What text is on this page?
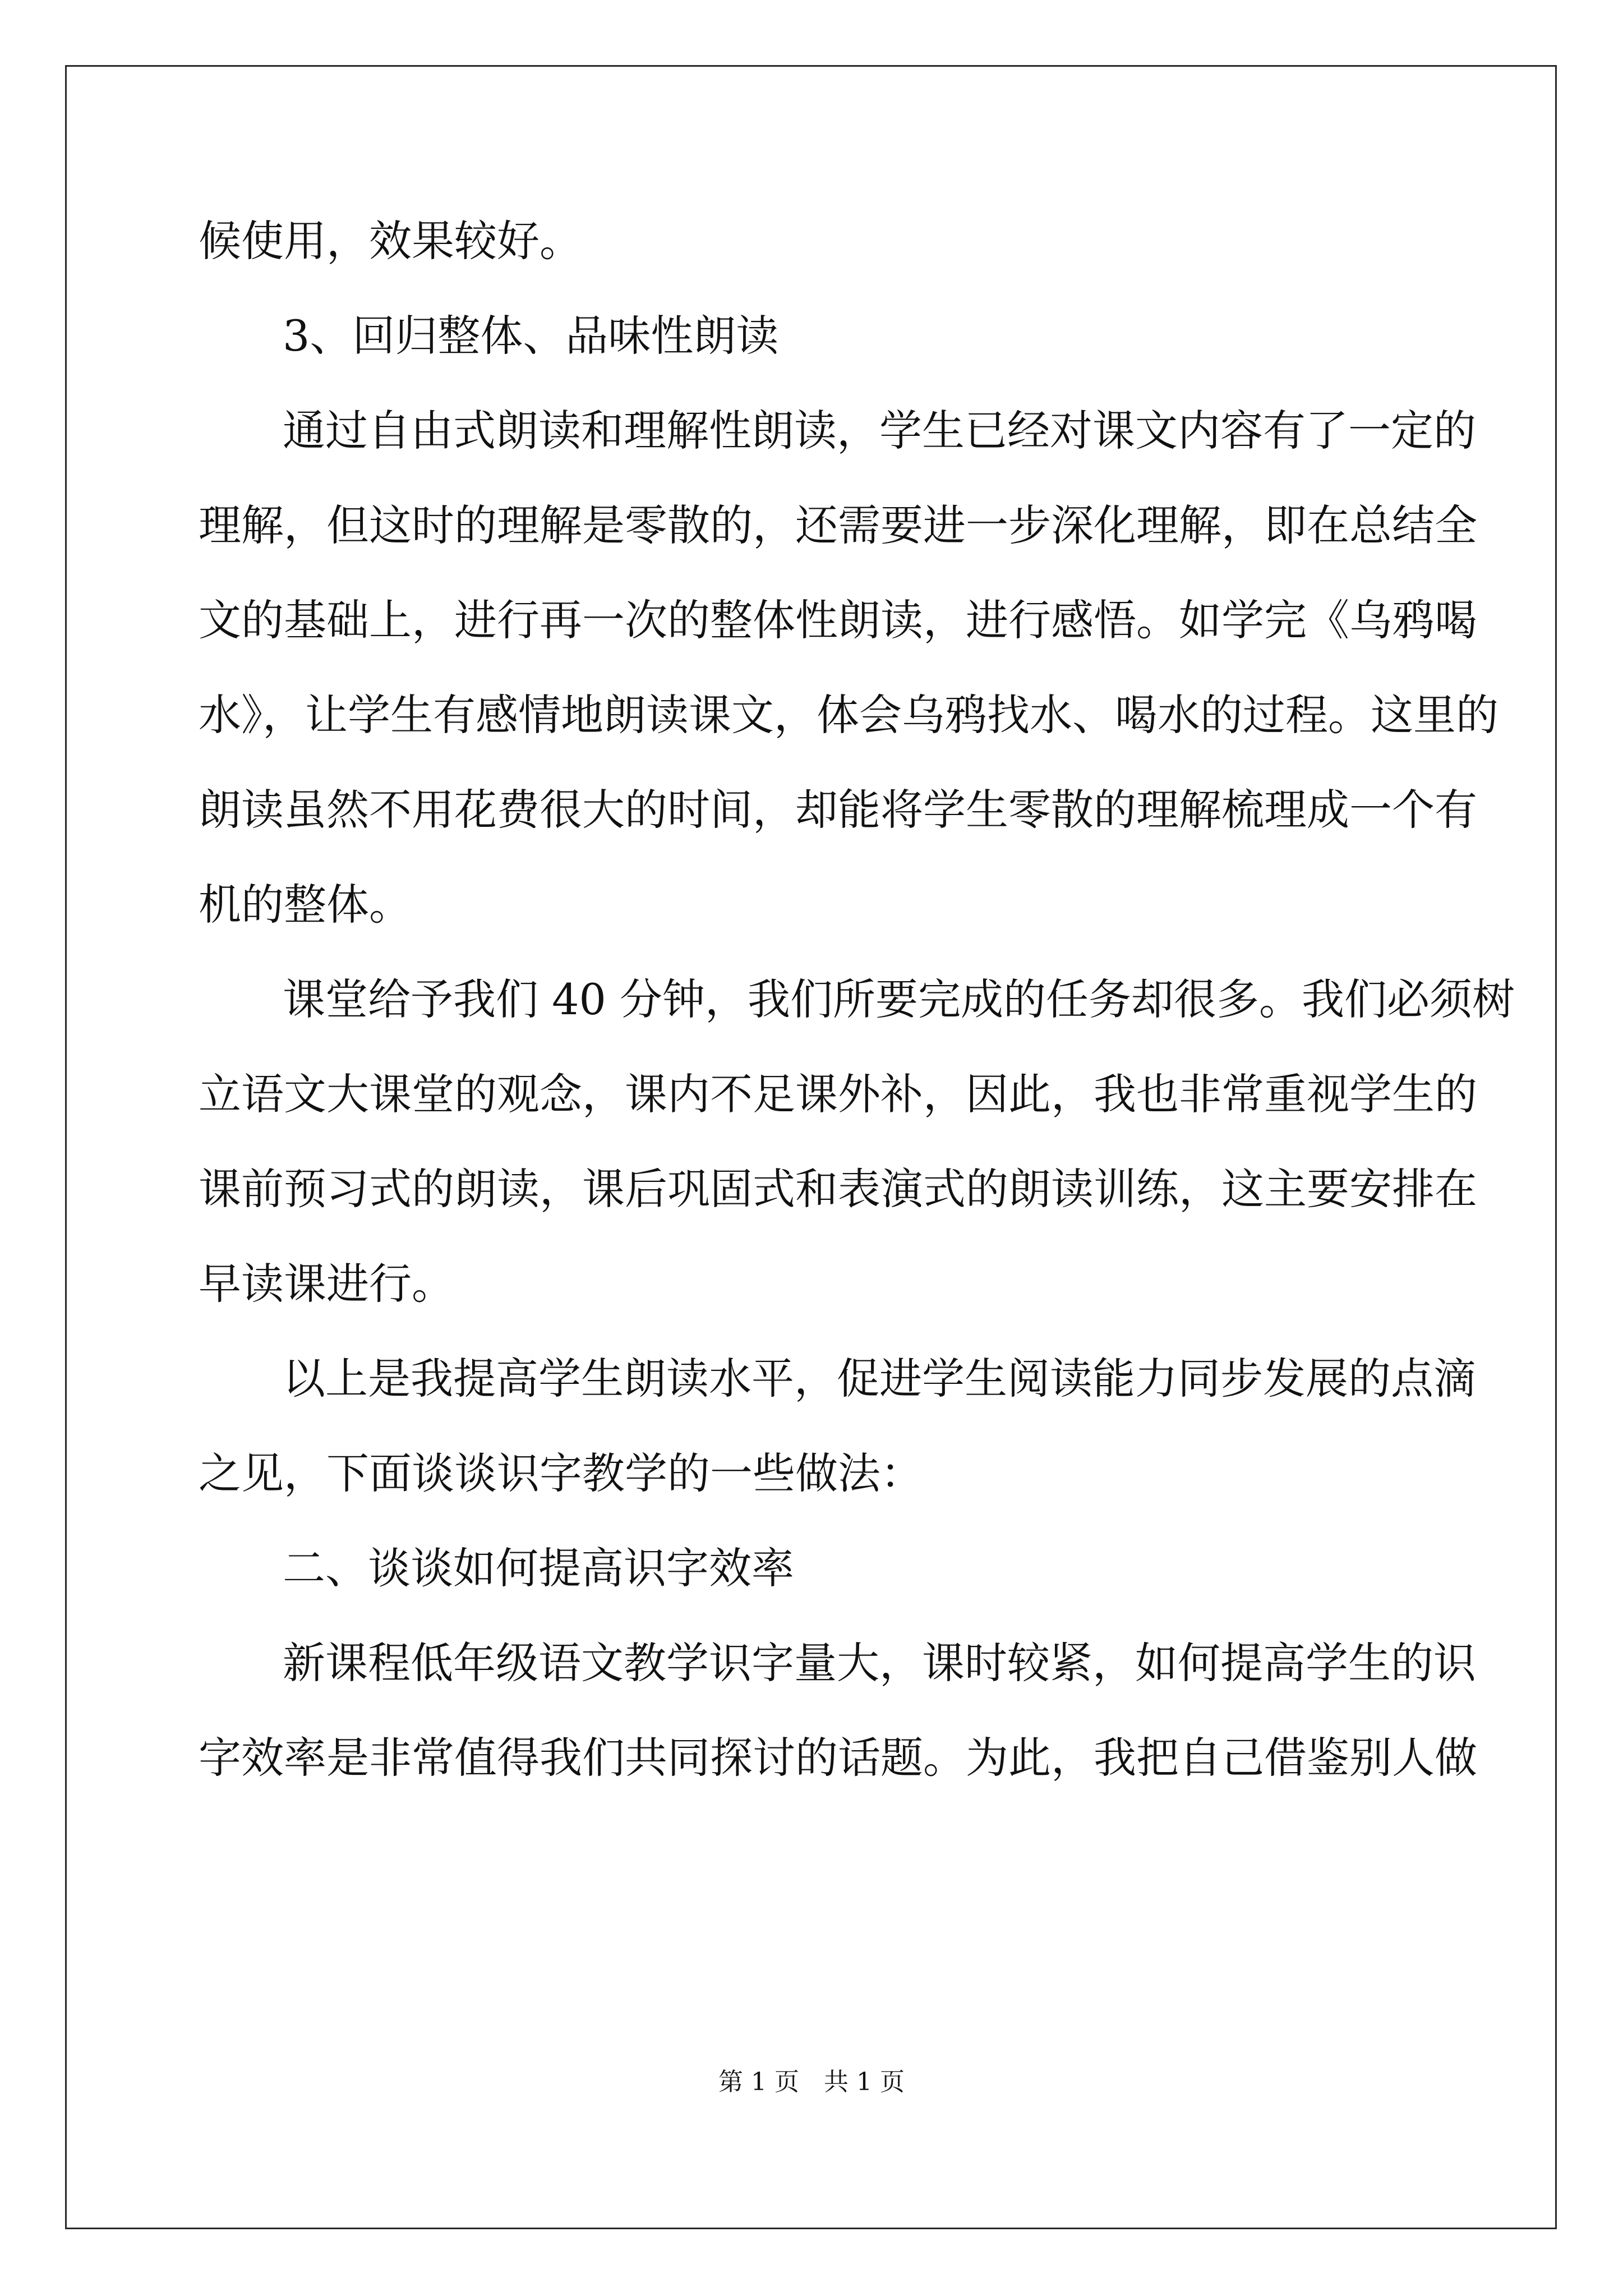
候使用，效果较好。
3、回归整体、品味性朗读
通过自由式朗读和理解性朗读，学生已经对课文内容有了一定的
理解，但这时的理解是零散的，还需要进一步深化理解，即在总结全
文的基础上，进行再一次的整体性朗读，进行感悟。如学完《乌鸦喝
水》，让学生有感情地朗读课文，体会乌鸦找水、喝水的过程。这里的
朗读虽然不用花费很大的时间，却能将学生零散的理解梳理成一个有
机的整体。
课堂给予我们 40 分钟，我们所要完成的任务却很多。我们必须树
立语文大课堂的观念，课内不足课外补，因此，我也非常重视学生的
课前预习式的朗读，课后巩固式和表演式的朗读训练，这主要安排在
早读课进行。
以上是我提高学生朗读水平，促进学生阅读能力同步发展的点滴
之见，下面谈谈识字教学的一些做法：
二、谈谈如何提高识字效率
新课程低年级语文教学识字量大，课时较紧，如何提高学生的识
字效率是非常值得我们共同探讨的话题。为此，我把自己借鉴别人做
第 1 页　共 1 页
